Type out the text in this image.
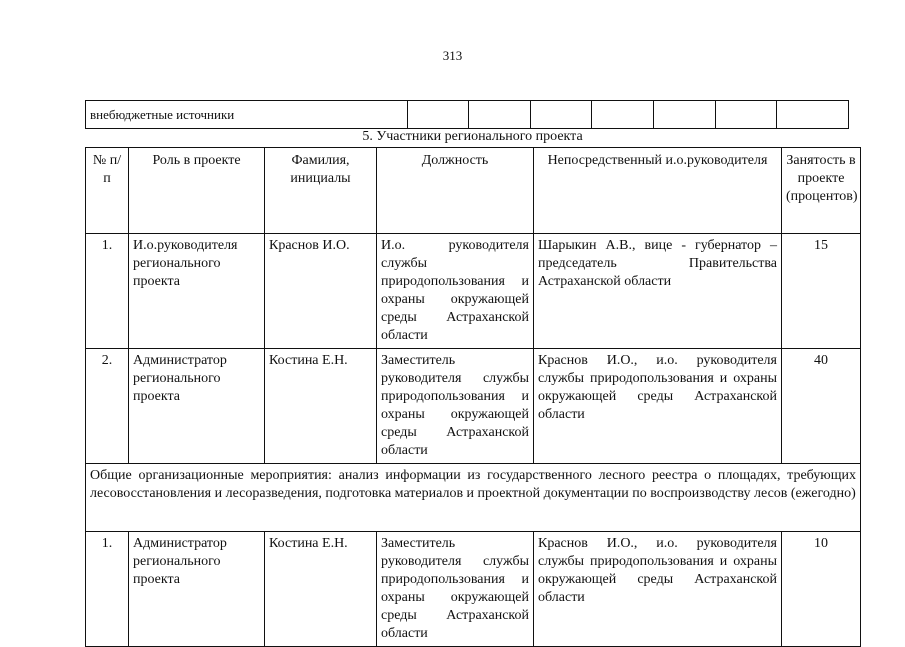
313
внебюджетные источники							
5. Участники регионального проекта
№ п/п	Роль в проекте	Фамилия, инициалы	Должность	Непосредственный и.о.руководителя	Занятость в проекте (процентов)
1.	И.о.руководителя регионального проекта	Краснов И.О.	И.о. руководителя службы природопользования и охраны окружающей среды Астраханской области	Шарыкин А.В., вице - губернатор – председатель Правительства Астраханской области	15
2.	Администратор регионального проекта	Костина Е.Н.	Заместитель руководителя службы природопользования и охраны окружающей среды Астраханской области	Краснов И.О., и.о. руководителя службы природопользования и охраны окружающей среды Астраханской области	40
Общие организационные мероприятия: анализ информации из государственного лесного реестра о площадях, требующих лесовосстановления и лесоразведения, подготовка материалов и проектной документации по воспроизводству лесов (ежегодно)					
1.	Администратор регионального проекта	Костина Е.Н.	Заместитель руководителя службы природопользования и охраны окружающей среды Астраханской области	Краснов И.О., и.о. руководителя службы природопользования и охраны окружающей среды Астраханской области	10
